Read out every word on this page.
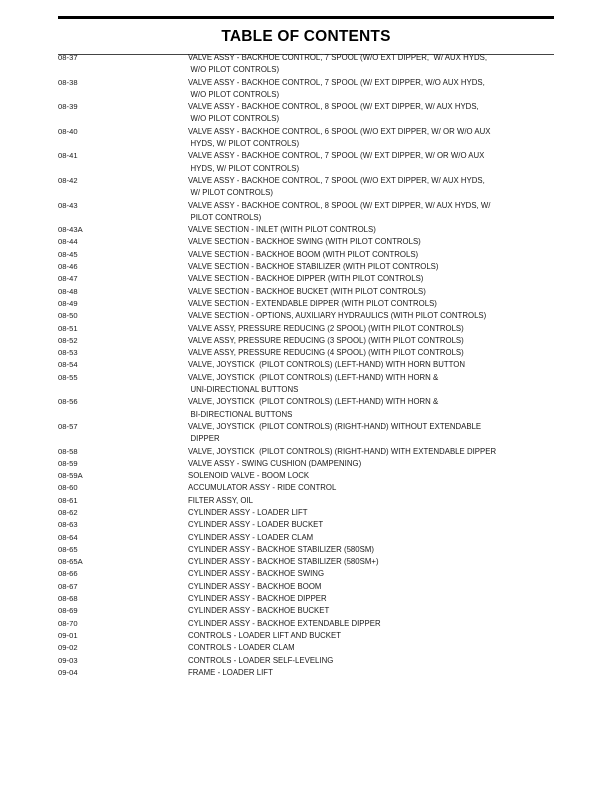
TABLE OF CONTENTS
08-37	VALVE ASSY - BACKHOE CONTROL, 7 SPOOL (W/O EXT DIPPER,  W/ AUX HYDS,
W/O PILOT CONTROLS)
08-38	VALVE ASSY - BACKHOE CONTROL, 7 SPOOL (W/ EXT DIPPER, W/O AUX HYDS,
W/O PILOT CONTROLS)
08-39	VALVE ASSY - BACKHOE CONTROL, 8 SPOOL (W/ EXT DIPPER, W/ AUX HYDS,
W/O PILOT CONTROLS)
08-40	VALVE ASSY - BACKHOE CONTROL, 6 SPOOL (W/O EXT DIPPER, W/ OR W/O AUX
HYDS, W/ PILOT CONTROLS)
08-41	VALVE ASSY - BACKHOE CONTROL, 7 SPOOL (W/ EXT DIPPER, W/ OR W/O AUX
HYDS, W/ PILOT CONTROLS)
08-42	VALVE ASSY - BACKHOE CONTROL, 7 SPOOL (W/O EXT DIPPER, W/ AUX HYDS,
W/ PILOT CONTROLS)
08-43	VALVE ASSY - BACKHOE CONTROL, 8 SPOOL (W/ EXT DIPPER, W/ AUX HYDS, W/
PILOT CONTROLS)
08-43A	VALVE SECTION - INLET (WITH PILOT CONTROLS)
08-44	VALVE SECTION - BACKHOE SWING (WITH PILOT CONTROLS)
08-45	VALVE SECTION - BACKHOE BOOM (WITH PILOT CONTROLS)
08-46	VALVE SECTION - BACKHOE STABILIZER (WITH PILOT CONTROLS)
08-47	VALVE SECTION - BACKHOE DIPPER (WITH PILOT CONTROLS)
08-48	VALVE SECTION - BACKHOE BUCKET (WITH PILOT CONTROLS)
08-49	VALVE SECTION - EXTENDABLE DIPPER (WITH PILOT CONTROLS)
08-50	VALVE SECTION - OPTIONS, AUXILIARY HYDRAULICS (WITH PILOT CONTROLS)
08-51	VALVE ASSY, PRESSURE REDUCING (2 SPOOL) (WITH PILOT CONTROLS)
08-52	VALVE ASSY, PRESSURE REDUCING (3 SPOOL) (WITH PILOT CONTROLS)
08-53	VALVE ASSY, PRESSURE REDUCING (4 SPOOL) (WITH PILOT CONTROLS)
08-54	VALVE, JOYSTICK  (PILOT CONTROLS) (LEFT-HAND) WITH HORN BUTTON
08-55	VALVE, JOYSTICK  (PILOT CONTROLS) (LEFT-HAND) WITH HORN &
UNI-DIRECTIONAL BUTTONS
08-56	VALVE, JOYSTICK  (PILOT CONTROLS) (LEFT-HAND) WITH HORN &
BI-DIRECTIONAL BUTTONS
08-57	VALVE, JOYSTICK  (PILOT CONTROLS) (RIGHT-HAND) WITHOUT EXTENDABLE
DIPPER
08-58	VALVE, JOYSTICK  (PILOT CONTROLS) (RIGHT-HAND) WITH EXTENDABLE DIPPER
08-59	VALVE ASSY - SWING CUSHION (DAMPENING)
08-59A	SOLENOID VALVE - BOOM LOCK
08-60	ACCUMULATOR ASSY - RIDE CONTROL
08-61	FILTER ASSY, OIL
08-62	CYLINDER ASSY - LOADER LIFT
08-63	CYLINDER ASSY - LOADER BUCKET
08-64	CYLINDER ASSY - LOADER CLAM
08-65	CYLINDER ASSY - BACKHOE STABILIZER (580SM)
08-65A	CYLINDER ASSY - BACKHOE STABILIZER (580SM+)
08-66	CYLINDER ASSY - BACKHOE SWING
08-67	CYLINDER ASSY - BACKHOE BOOM
08-68	CYLINDER ASSY - BACKHOE DIPPER
08-69	CYLINDER ASSY - BACKHOE BUCKET
08-70	CYLINDER ASSY - BACKHOE EXTENDABLE DIPPER
09-01	CONTROLS - LOADER LIFT AND BUCKET
09-02	CONTROLS - LOADER CLAM
09-03	CONTROLS - LOADER SELF-LEVELING
09-04	FRAME - LOADER LIFT
